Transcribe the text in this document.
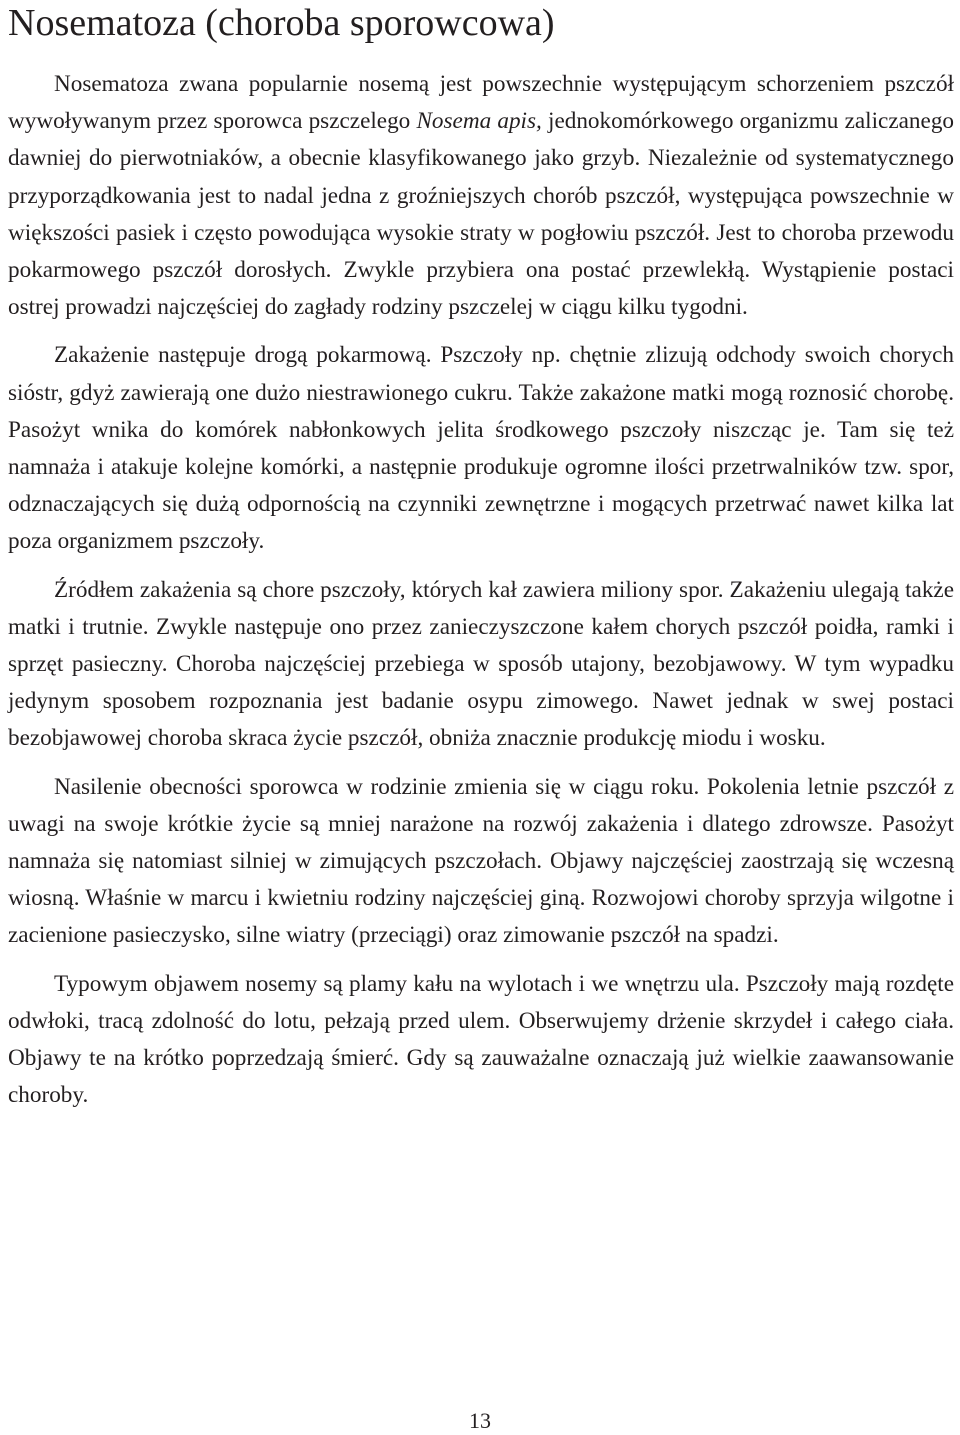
Nosematoza (choroba sporowcowa)

Nosematoza zwana popularnie nosemą jest powszechnie występującym schorzeniem pszczół wywoływanym przez sporowca pszczelego Nosema apis, jednokomórkowego organizmu zaliczanego dawniej do pierwotniaków, a obecnie klasyfikowanego jako grzyb. Niezależnie od systematycznego przyporządkowania jest to nadal jedna z groźniejszych chorób pszczół, występująca powszechnie w większości pasiek i często powodująca wysokie straty w pogłowiu pszczół. Jest to choroba przewodu pokarmowego pszczół dorosłych. Zwykle przybiera ona postać przewlekłą. Wystąpienie postaci ostrej prowadzi najczęściej do zagłady rodziny pszczelej w ciągu kilku tygodni.

Zakażenie następuje drogą pokarmową. Pszczoły np. chętnie zlizują odchody swoich chorych sióstr, gdyż zawierają one dużo niestrawionego cukru. Także zakażone matki mogą roznosić chorobę. Pasożyt wnika do komórek nabłonkowych jelita środkowego pszczoły niszcząc je. Tam się też namnaża i atakuje kolejne komórki, a następnie produkuje ogromne ilości przetrwalników tzw. spor, odznaczających się dużą odpornością na czynniki zewnętrzne i mogących przetrwać nawet kilka lat poza organizmem pszczoły.

Źródłem zakażenia są chore pszczoły, których kał zawiera miliony spor. Zakażeniu ulegają także matki i trutnie. Zwykle następuje ono przez zanieczyszczone kałem chorych pszczół poidła, ramki i sprzęt pasieczny. Choroba najczęściej przebiega w sposób utajony, bezobjawowy. W tym wypadku jedynym sposobem rozpoznania jest badanie osypu zimowego. Nawet jednak w swej postaci bezobjawowej choroba skraca życie pszczół, obniża znacznie produkcję miodu i wosku.

Nasilenie obecności sporowca w rodzinie zmienia się w ciągu roku. Pokolenia letnie pszczół z uwagi na swoje krótkie życie są mniej narażone na rozwój zakażenia i dlatego zdrowsze. Pasożyt namnaża się natomiast silniej w zimujących pszczołach. Objawy najczęściej zaostrzają się wczesną wiosną. Właśnie w marcu i kwietniu rodziny najczęściej giną. Rozwojowi choroby sprzyja wilgotne i zacienione pasieczysko, silne wiatry (przeciągi) oraz zimowanie pszczół na spadzi.

Typowym objawem nosemy są plamy kału na wylotach i we wnętrzu ula. Pszczoły mają rozdęte odwłoki, tracą zdolność do lotu, pełzają przed ulem. Obserwujemy drżenie skrzydeł i całego ciała. Objawy te na krótko poprzedzają śmierć. Gdy są zauważalne oznaczają już wielkie zaawansowanie choroby.

13
